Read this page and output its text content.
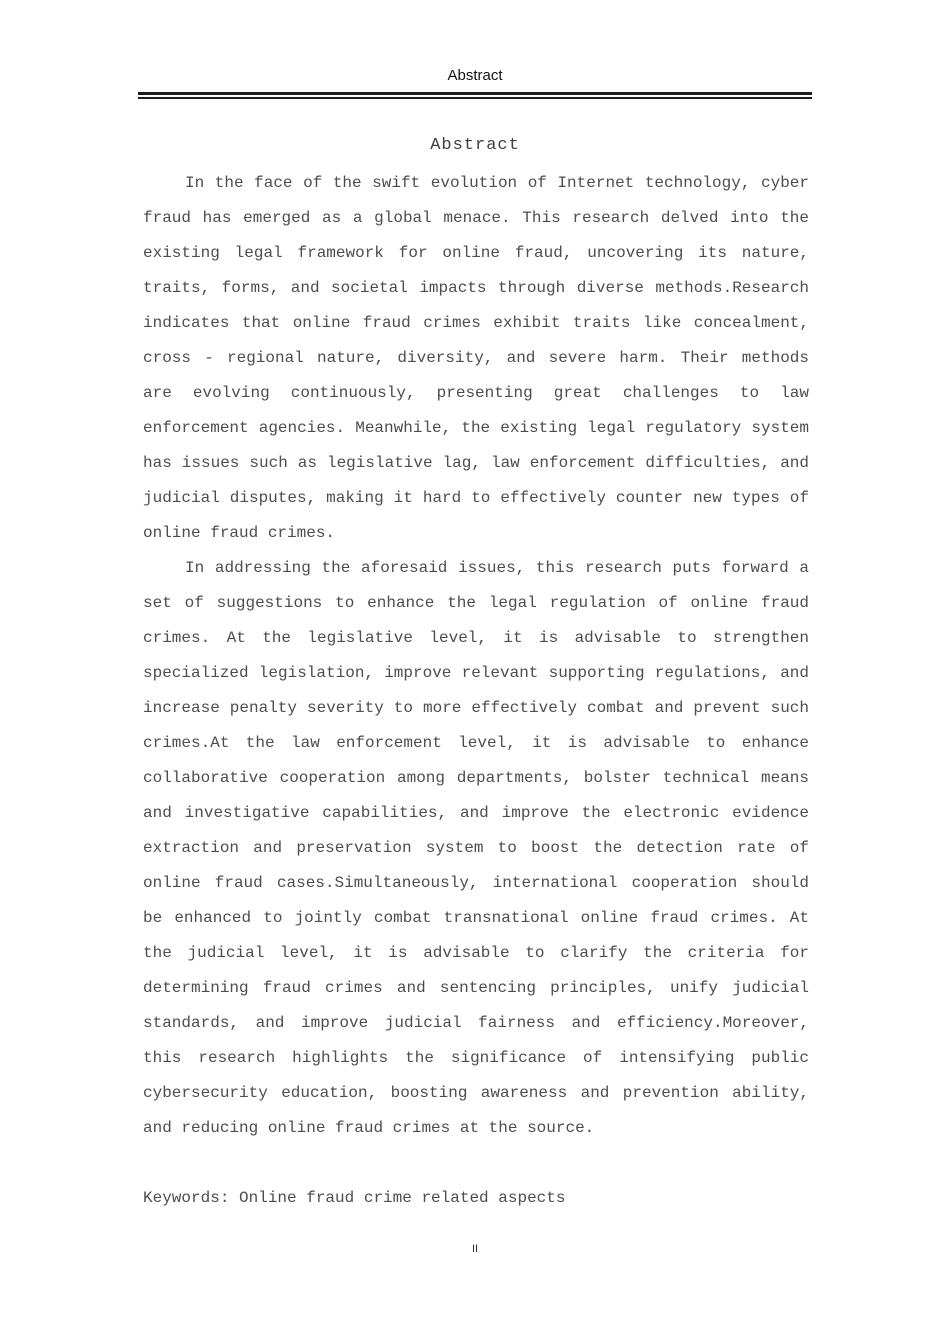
Abstract
Abstract
In the face of the swift evolution of Internet technology, cyber
fraud has emerged as a global menace. This research delved into the
existing legal framework for online fraud, uncovering its nature,
traits, forms, and societal impacts through diverse methods.Research
indicates that online fraud crimes exhibit traits like concealment,
cross - regional nature, diversity, and severe harm. Their methods
are evolving continuously, presenting great challenges to law
enforcement agencies. Meanwhile, the existing legal regulatory system
has issues such as legislative lag, law enforcement difficulties, and
judicial disputes, making it hard to effectively counter new types of
online fraud crimes.
In addressing the aforesaid issues, this research puts forward a
set of suggestions to enhance the legal regulation of online fraud
crimes. At the legislative level, it is advisable to strengthen
specialized legislation, improve relevant supporting regulations, and
increase penalty severity to more effectively combat and prevent such
crimes.At the law enforcement level, it is advisable to enhance
collaborative cooperation among departments, bolster technical means
and investigative capabilities, and improve the electronic evidence
extraction and preservation system to boost the detection rate of
online fraud cases.Simultaneously, international cooperation should
be enhanced to jointly combat transnational online fraud crimes. At
the judicial level, it is advisable to clarify the criteria for
determining fraud crimes and sentencing principles, unify judicial
standards, and improve judicial fairness and efficiency.Moreover,
this research highlights the significance of intensifying public
cybersecurity education, boosting awareness and prevention ability,
and reducing online fraud crimes at the source.
Keywords: Online fraud crime related aspects
II
